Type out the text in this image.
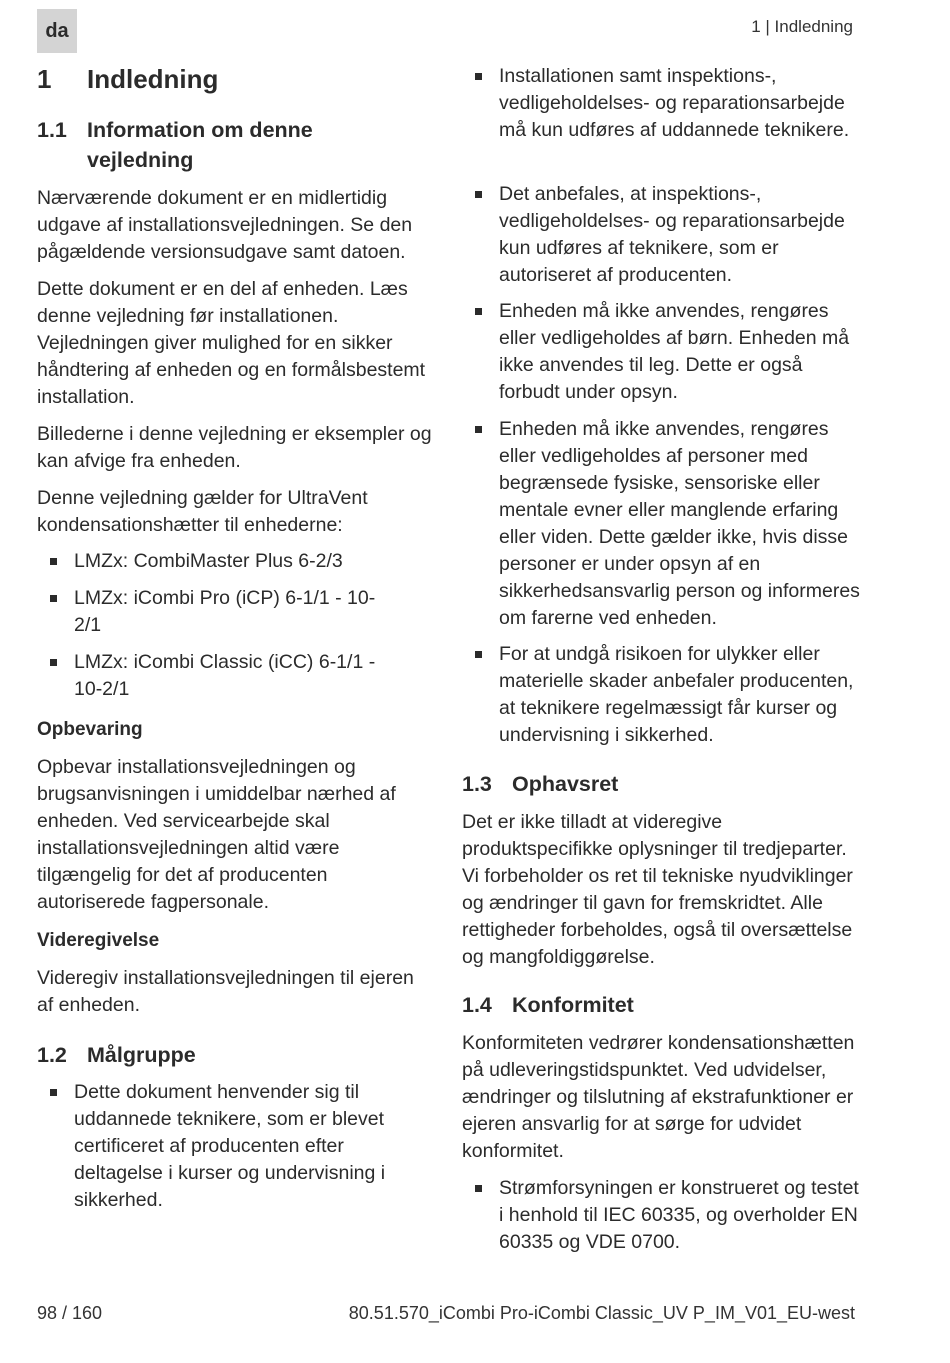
da	1 | Indledning
1 Indledning
1.1 Information om denne vejledning

Nærværende dokument er en midlertidig udgave af installationsvejledningen. Se den pågældende versionsudgave samt datoen.

Dette dokument er en del af enheden. Læs denne vejledning før installationen. Vejledningen giver mulighed for en sikker håndtering af enheden og en formålsbestemt installation.

Billederne i denne vejledning er eksempler og kan afvige fra enheden.

Denne vejledning gælder for UltraVent kondensationshætter til enhederne:

LMZx: CombiMaster Plus 6-2/3
LMZx: iCombi Pro (iCP) 6-1/1 - 10-2/1
LMZx: iCombi Classic (iCC) 6-1/1 - 10-2/1
Opbevaring

Opbevar installationsvejledningen og brugsanvisningen i umiddelbar nærhed af enheden. Ved servicearbejde skal installationsvejledningen altid være tilgængelig for det af producenten autoriserede fagpersonale.

Videregivelse

Videregiv installationsvejledningen til ejeren af enheden.

1.2 Målgruppe
Dette dokument henvender sig til uddannede teknikere, som er blevet certificeret af producenten efter deltagelse i kurser og undervisning i sikkerhed.
Installationen samt inspektions-, vedligeholdelses- og reparationsarbejde må kun udføres af uddannede teknikere.
Det anbefales, at inspektions-, vedligeholdelses- og reparationsarbejde kun udføres af teknikere, som er autoriseret af producenten.
Enheden må ikke anvendes, rengøres eller vedligeholdes af børn. Enheden må ikke anvendes til leg. Dette er også forbudt under opsyn.
Enheden må ikke anvendes, rengøres eller vedligeholdes af personer med begrænsede fysiske, sensoriske eller mentale evner eller manglende erfaring eller viden. Dette gælder ikke, hvis disse personer er under opsyn af en sikkerhedsansvarlig person og informeres om farerne ved enheden.
For at undgå risikoen for ulykker eller materielle skader anbefaler producenten, at teknikere regelmæssigt får kurser og undervisning i sikkerhed.
1.3 Ophavsret

Det er ikke tilladt at videregive produktspecifikke oplysninger til tredjeparter. Vi forbeholder os ret til tekniske nyudviklinger og ændringer til gavn for fremskridtet. Alle rettigheder forbeholdes, også til oversættelse og mangfoldiggørelse.

1.4 Konformitet

Konformiteten vedrører kondensationshætten på udleveringstidspunktet. Ved udvidelser, ændringer og tilslutning af ekstrafunktioner er ejeren ansvarlig for at sørge for udvidet konformitet.

Strømforsyningen er konstrueret og testet i henhold til IEC 60335, og overholder EN 60335 og VDE 0700.
98 / 160	80.51.570_iCombi Pro-iCombi Classic_UV P_IM_V01_EU-west
